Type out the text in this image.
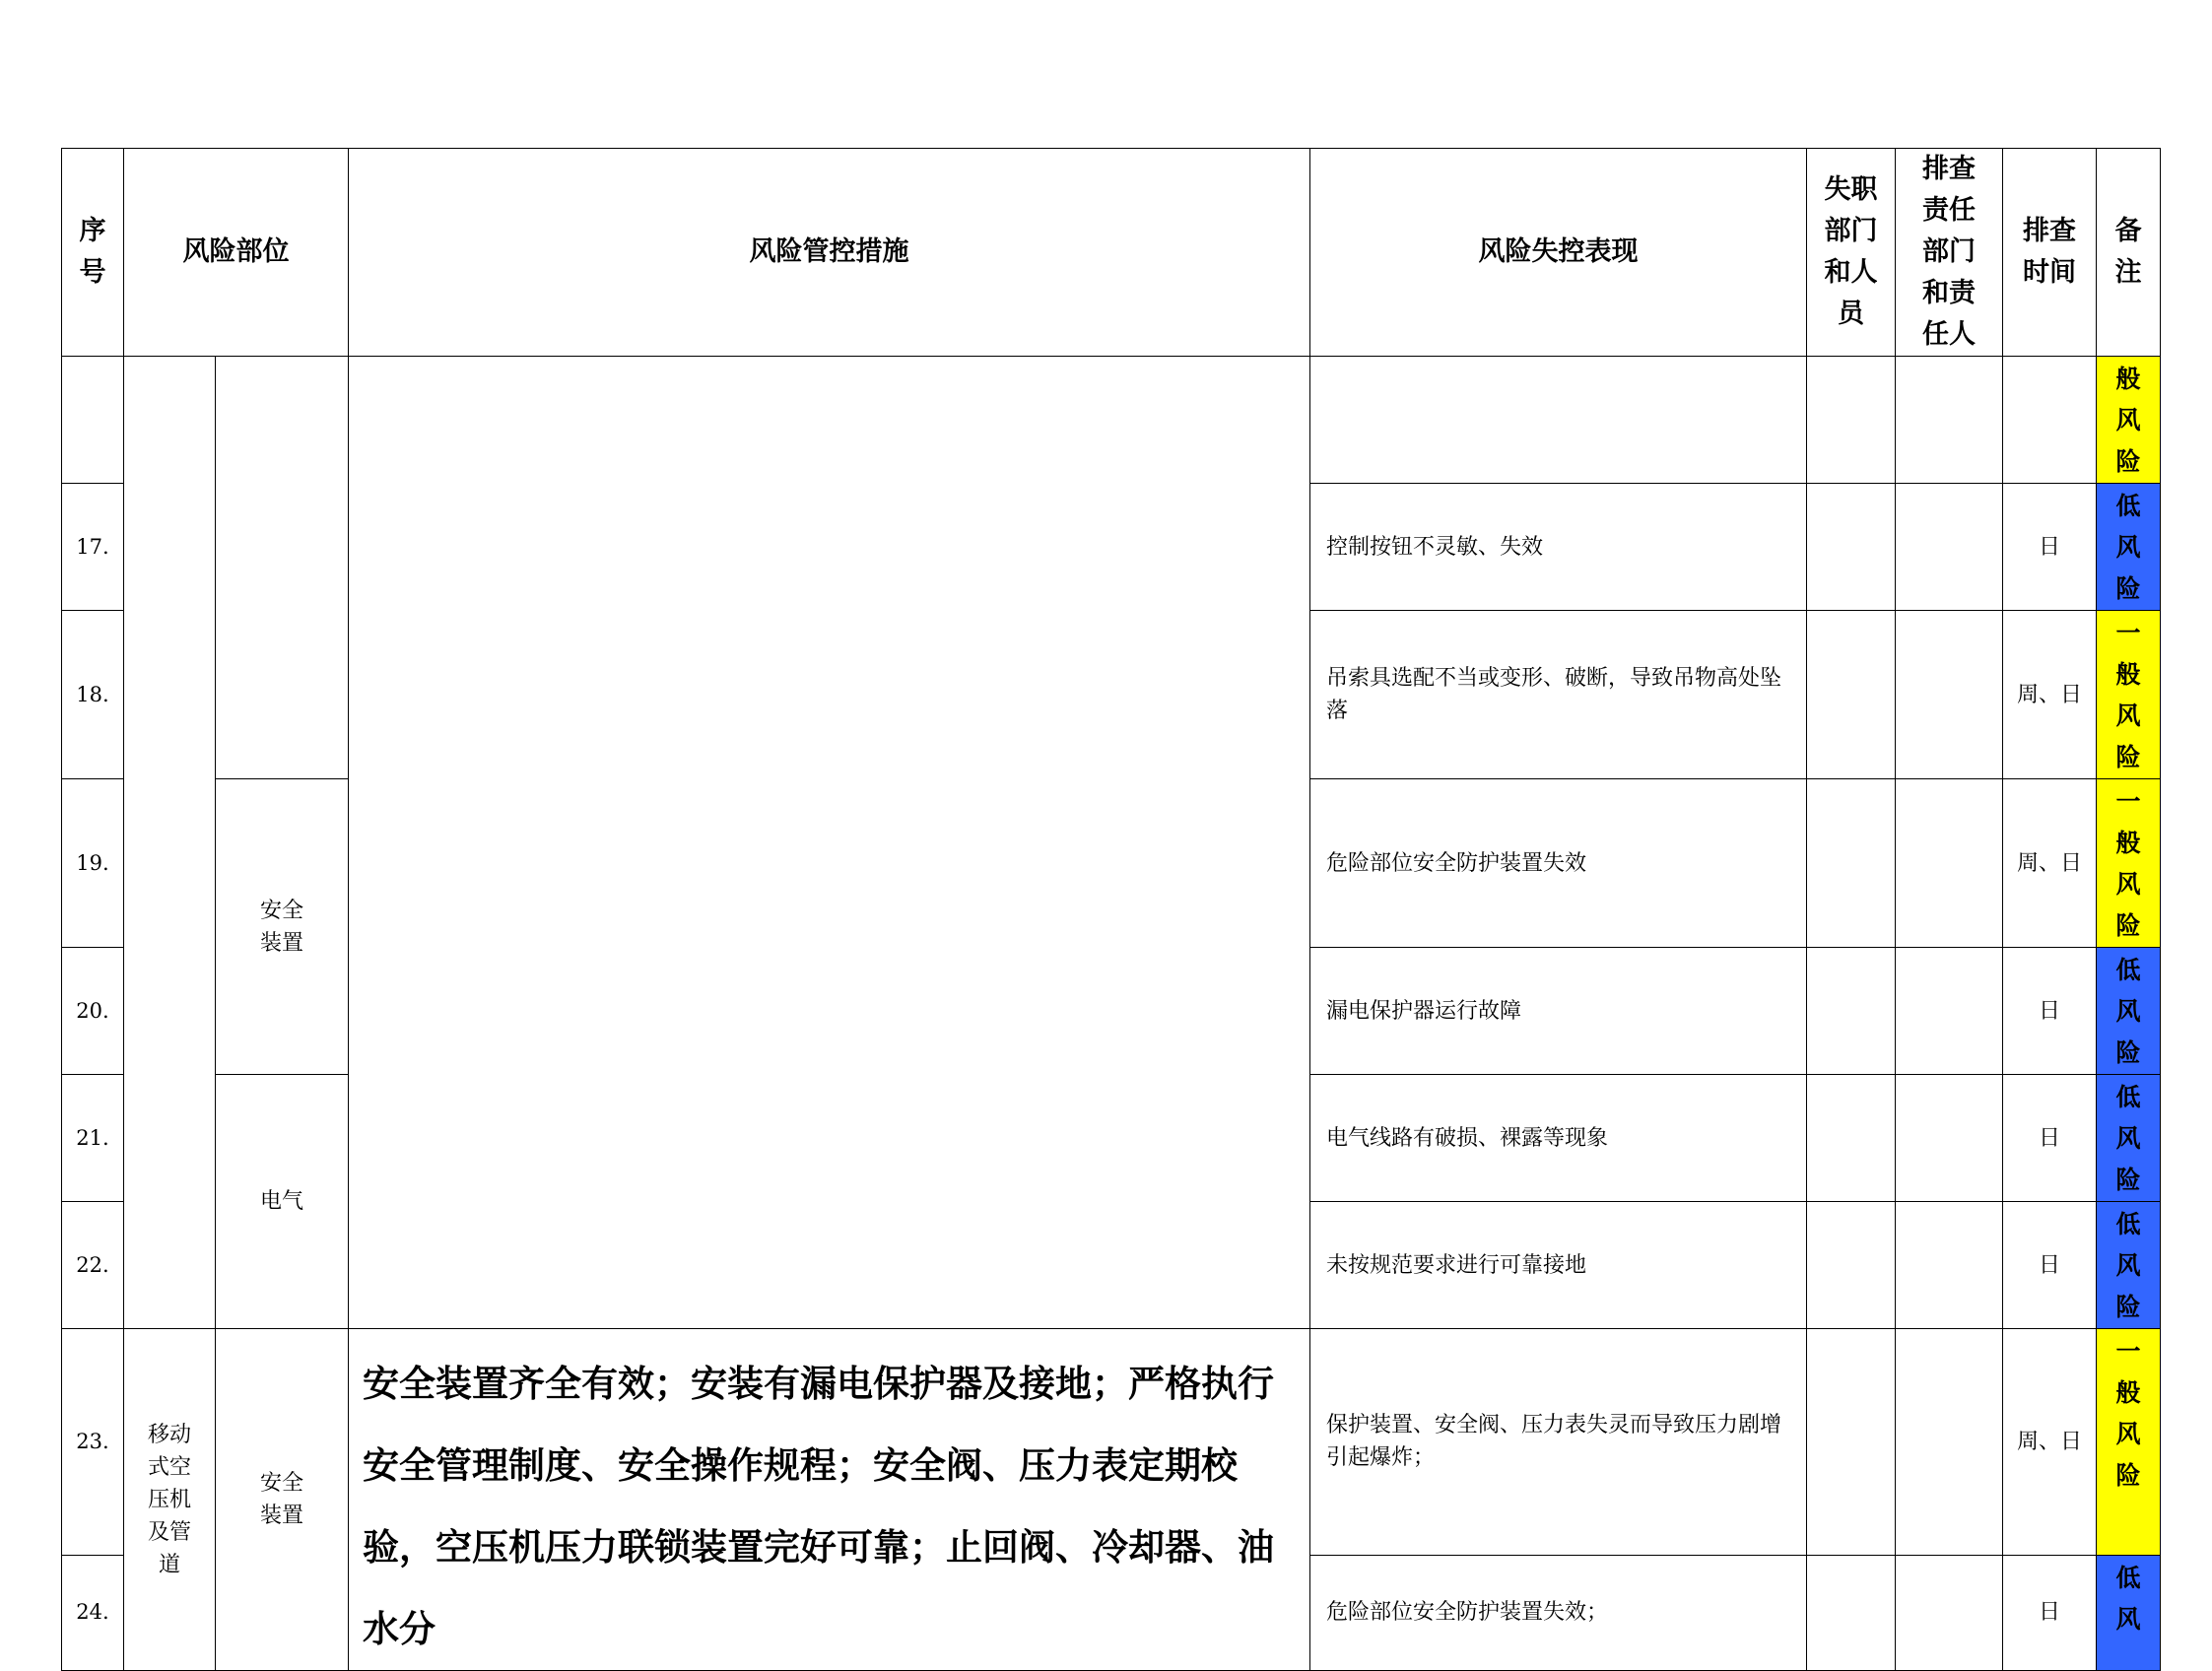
序
号	风险部位		风险管控措施	风险失控表现	失职
部门
和人
员	排查
责任
部门
和责
任人	排查
时间	备
注
								般
风
险
17.				控制按钮不灵敏、失效			日	低
风
险
18.				吊索具选配不当或变形、破断，导致吊物高处坠落			周、日	一
般
风
险
19.		安全
装置		危险部位安全防护装置失效			周、日	一
般
风
险
20.				漏电保护器运行故障			日	低
风
险
21.		电气		电气线路有破损、裸露等现象			日	低
风
险
22.				未按规范要求进行可靠接地			日	低
风
险
23.	移动
式空
压机
及管
道	安全
装置	安全装置齐全有效；安装有漏电保护器及接地；严格执行安全管理制度、安全操作规程；安全阀、压力表定期校验，空压机压力联锁装置完好可靠；止回阀、冷却器、油水分	保护装置、安全阀、压力表失灵而导致压力剧增引起爆炸；			周、日	一
般
风
险
24.				危险部位安全防护装置失效；			日	低
风
